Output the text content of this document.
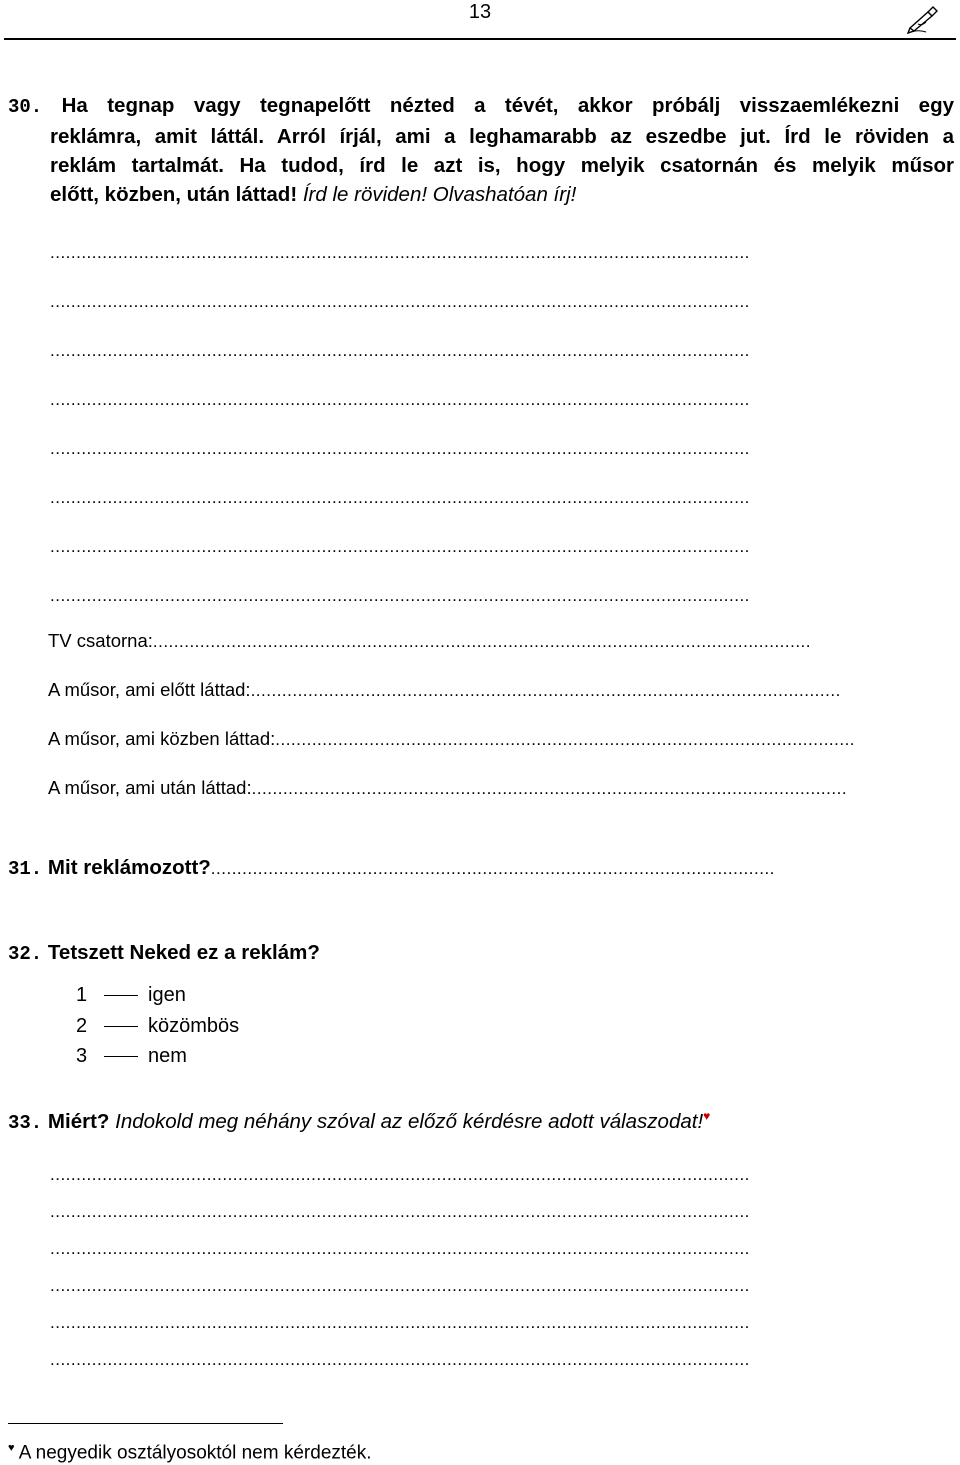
13
30. Ha tegnap vagy tegnapelőtt nézted a tévét, akkor próbálj visszaemlékezni egy
reklámra, amit láttál. Arról írjál, ami a leghamarabb az eszedbe jut. Írd le röviden a
reklám tartalmát. Ha tudod, írd le azt is, hogy melyik csatornán és melyik műsor
előtt, közben, után láttad! Írd le röviden! Olvashatóan írj!
......................................................................................................................................
......................................................................................................................................
......................................................................................................................................
......................................................................................................................................
......................................................................................................................................
......................................................................................................................................
......................................................................................................................................
......................................................................................................................................
TV csatorna:..............................................................................................................................
A műsor, ami előtt láttad:.................................................................................................................
A műsor, ami közben láttad:...............................................................................................................
A műsor, ami után láttad:..................................................................................................................
31. Mit reklámozott?............................................................................................................
32. Tetszett Neked ez a reklám?
1	igen
2	közömbös
3	nem
33. Miért? Indokold meg néhány szóval az előző kérdésre adott válaszodat!♥
......................................................................................................................................
......................................................................................................................................
......................................................................................................................................
......................................................................................................................................
......................................................................................................................................
......................................................................................................................................
♥ A negyedik osztályosoktól nem kérdezték.
